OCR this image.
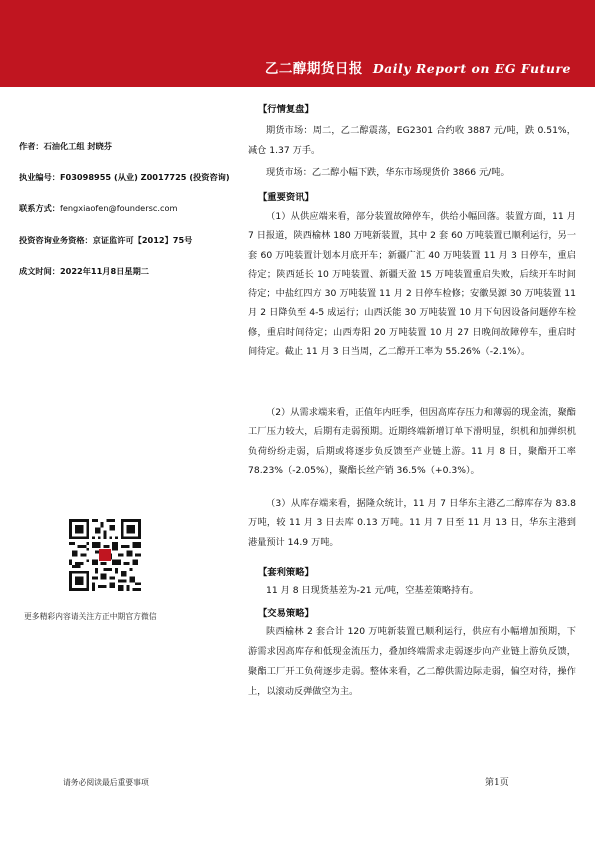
乙二醇期货日报 Daily Report on EG Future
作者：石油化工组 封晓芬
执业编号：F03098955 (从业) Z0017725 (投资咨询)
联系方式：fengxiaofen@foundersc.com
投资咨询业务资格：京证监许可【2012】75号
成文时间：2022年11月8日星期二
更多精彩内容请关注方正中期官方微信
【行情复盘】
期货市场：周二，乙二醇震荡，EG2301 合约收 3887 元/吨，跌 0.51%，减仓 1.37 万手。
现货市场：乙二醇小幅下跌，华东市场现货价 3866 元/吨。
【重要资讯】
（1）从供应端来看，部分装置故障停车，供给小幅回落。装置方面，11 月 7 日报道，陕西榆林 180 万吨新装置，其中 2 套 60 万吨装置已顺利运行，另一套 60 万吨装置计划本月底开车；新疆广汇 40 万吨装置 11 月 3 日停车，重启待定；陕西延长 10 万吨装置、新疆天盈 15 万吨装置重启失败，后续开车时间待定；中盐红四方 30 万吨装置 11 月 2 日停车检修；安徽昊源 30 万吨装置 11 月 2 日降负至 4-5 成运行；山西沃能 30 万吨装置 10 月下旬因设备问题停车检修，重启时间待定；山西寿阳 20 万吨装置 10 月 27 日晚间故障停车，重启时间待定。截止 11 月 3 日当周，乙二醇开工率为 55.26%（-2.1%）。
（2）从需求端来看，正值年内旺季，但因高库存压力和薄弱的现金流，聚酯工厂压力较大，后期有走弱预期。近期终端新增订单下滑明显，织机和加弹织机负荷纷纷走弱，后期或将逐步负反馈至产业链上游。11 月 8 日，聚酯开工率 78.23%（-2.05%），聚酯长丝产销 36.5%（+0.3%）。
（3）从库存端来看，据隆众统计，11 月 7 日华东主港乙二醇库存为 83.8 万吨，较 11 月 3 日去库 0.13 万吨。11 月 7 日至 11 月 13 日，华东主港到港量预计 14.9 万吨。
【套利策略】
11 月 8 日现货基差为-21 元/吨，空基差策略持有。
【交易策略】
陕西榆林 2 套合计 120 万吨新装置已顺利运行，供应有小幅增加预期，下游需求因高库存和低现金流压力，叠加终端需求走弱逐步向产业链上游负反馈，聚酯工厂开工负荷逐步走弱。整体来看，乙二醇供需边际走弱，偏空对待，操作上，以滚动反弹做空为主。
请务必阅读最后重要事项	第1页
